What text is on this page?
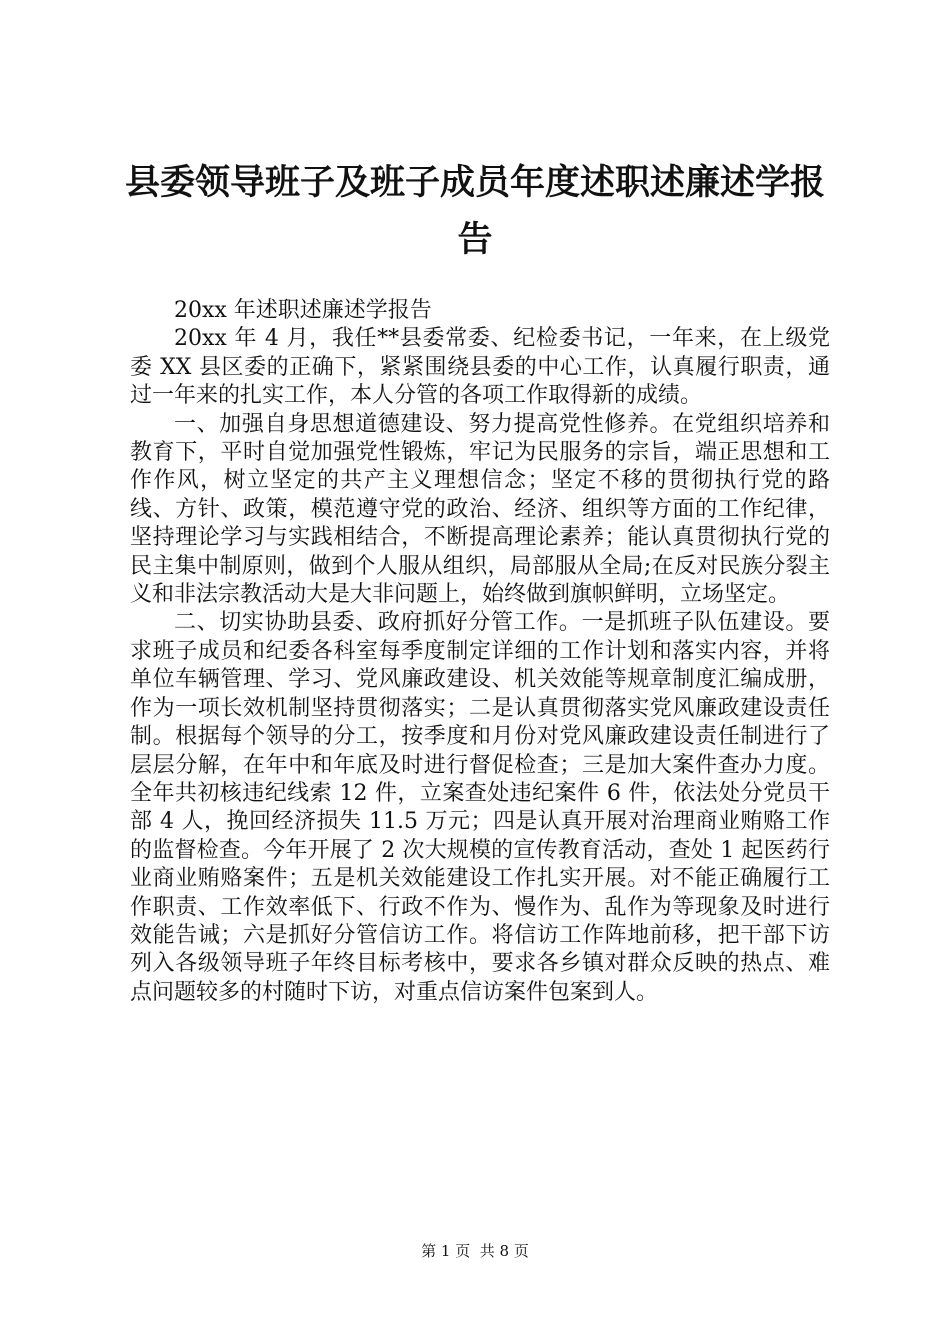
县委领导班子及班子成员年度述职述廉述学报
告

20xx 年述职述廉述学报告

20xx 年 4 月，我任**县委常委、纪检委书记，一年来，在上级党委 XX 县区委的正确下，紧紧围绕县委的中心工作，认真履行职责，通过一年来的扎实工作，本人分管的各项工作取得新的成绩。

一、加强自身思想道德建设、努力提高党性修养。在党组织培养和教育下，平时自觉加强党性锻炼，牢记为民服务的宗旨，端正思想和工作作风，树立坚定的共产主义理想信念；坚定不移的贯彻执行党的路线、方针、政策，模范遵守党的政治、经济、组织等方面的工作纪律，坚持理论学习与实践相结合，不断提高理论素养；能认真贯彻执行党的民主集中制原则，做到个人服从组织，局部服从全局;在反对民族分裂主义和非法宗教活动大是大非问题上，始终做到旗帜鲜明，立场坚定。

二、切实协助县委、政府抓好分管工作。一是抓班子队伍建设。要求班子成员和纪委各科室每季度制定详细的工作计划和落实内容，并将单位车辆管理、学习、党风廉政建设、机关效能等规章制度汇编成册，作为一项长效机制坚持贯彻落实；二是认真贯彻落实党风廉政建设责任制。根据每个领导的分工，按季度和月份对党风廉政建设责任制进行了层层分解，在年中和年底及时进行督促检查；三是加大案件查办力度。全年共初核违纪线索 12 件，立案查处违纪案件 6 件，依法处分党员干部 4 人，挽回经济损失 11.5 万元；四是认真开展对治理商业贿赂工作的监督检查。今年开展了 2 次大规模的宣传教育活动，查处 1 起医药行业商业贿赂案件；五是机关效能建设工作扎实开展。对不能正确履行工作职责、工作效率低下、行政不作为、慢作为、乱作为等现象及时进行效能告诫；六是抓好分管信访工作。将信访工作阵地前移，把干部下访列入各级领导班子年终目标考核中，要求各乡镇对群众反映的热点、难点问题较多的村随时下访，对重点信访案件包案到人。

第 1 页  共 8 页
